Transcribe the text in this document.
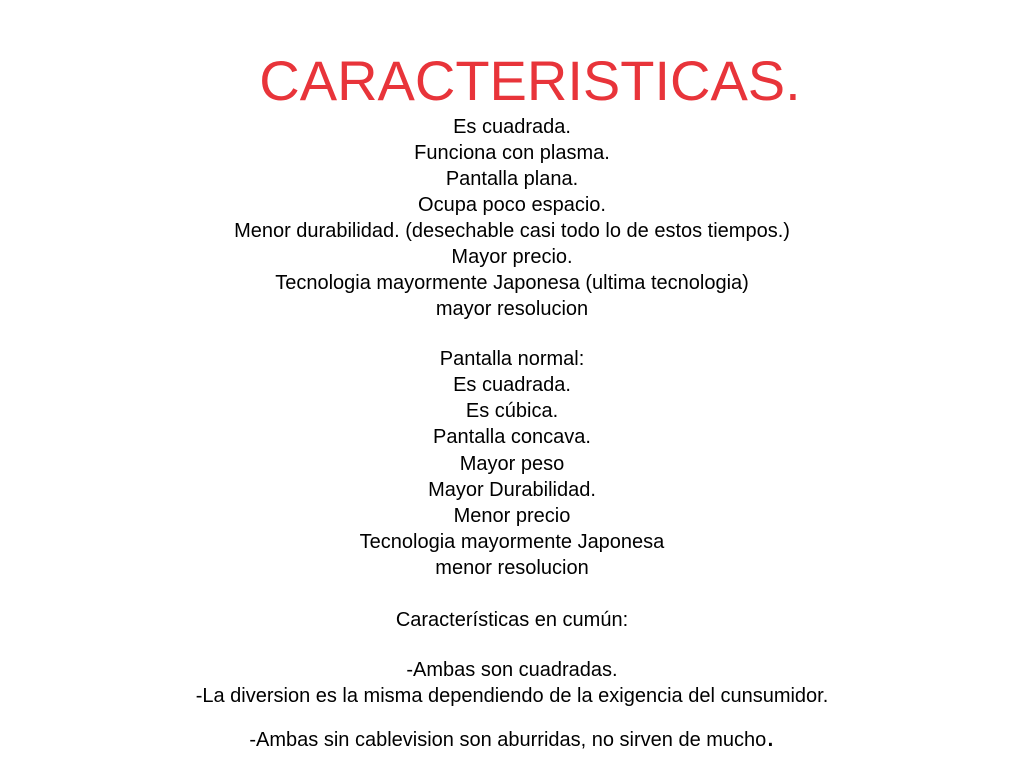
CARACTERISTICAS.
Es cuadrada.
Funciona con plasma.
Pantalla plana.
Ocupa poco espacio.
Menor durabilidad. (desechable casi todo lo de estos tiempos.)
Mayor precio.
Tecnologia mayormente Japonesa (ultima tecnologia)
mayor resolucion
Pantalla normal:
Es cuadrada.
Es cúbica.
Pantalla concava.
Mayor peso
Mayor Durabilidad.
Menor precio
Tecnologia mayormente Japonesa
menor resolucion
Características en cumún:
-Ambas son cuadradas.
-La diversion es la misma dependiendo de la exigencia del cunsumidor.
-Ambas sin cablevision son aburridas, no sirven de mucho.
